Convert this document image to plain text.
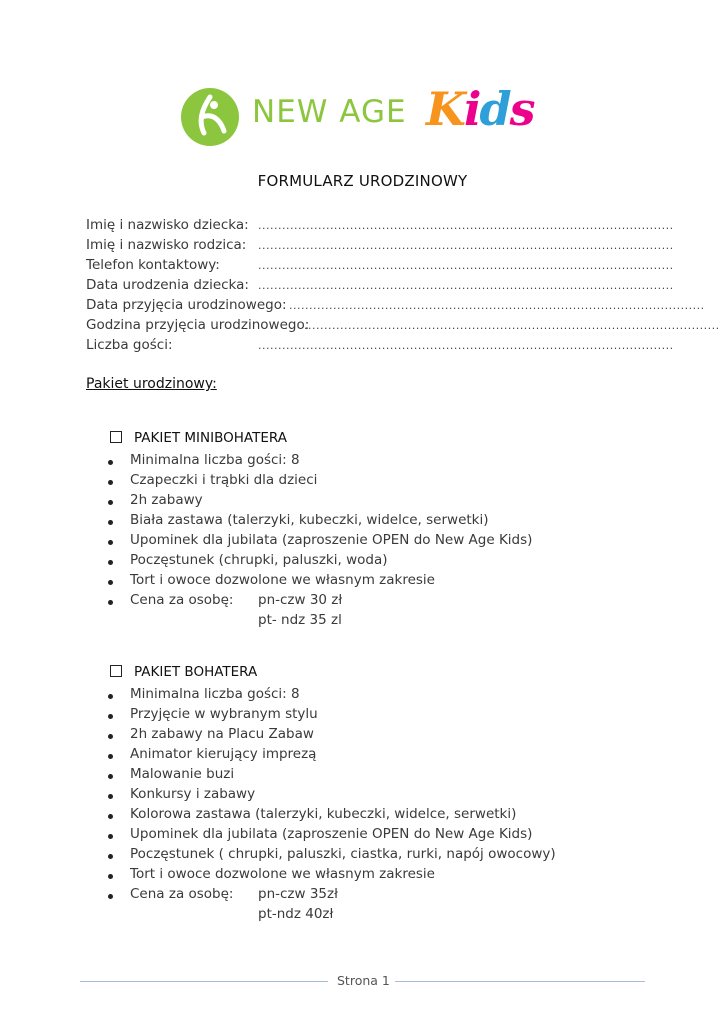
NEW AGE Kids
FORMULARZ URODZINOWY
Imię i nazwisko dziecka:
Imię i nazwisko rodzica:
Telefon kontaktowy:
Data urodzenia dziecka:
Data przyjęcia urodzinowego:
Godzina przyjęcia urodzinowego:
Liczba gości:
........................................................................................................
........................................................................................................
........................................................................................................
........................................................................................................
........................................................................................................
........................................................................................................
........................................................................................................
Pakiet urodzinowy:
PAKIET MINIBOHATERA
Minimalna liczba gości: 8
Czapeczki i trąbki dla dzieci
2h zabawy
Biała zastawa (talerzyki, kubeczki, widelce, serwetki)
Upominek dla jubilata (zaproszenie OPEN do New Age Kids)
Poczęstunek (chrupki, paluszki, woda)
Tort i owoce dozwolone we własnym zakresie
Cena za osobę: pn-czw 30 zł
pt- ndz 35 zl
PAKIET BOHATERA
Minimalna liczba gości: 8
Przyjęcie w wybranym stylu
2h zabawy na Placu Zabaw
Animator kierujący imprezą
Malowanie buzi
Konkursy i zabawy
Kolorowa zastawa (talerzyki, kubeczki, widelce, serwetki)
Upominek dla jubilata (zaproszenie OPEN do New Age Kids)
Poczęstunek ( chrupki, paluszki, ciastka, rurki, napój owocowy)
Tort i owoce dozwolone we własnym zakresie
Cena za osobę: pn-czw 35zł
pt-ndz 40zł
Strona 1
